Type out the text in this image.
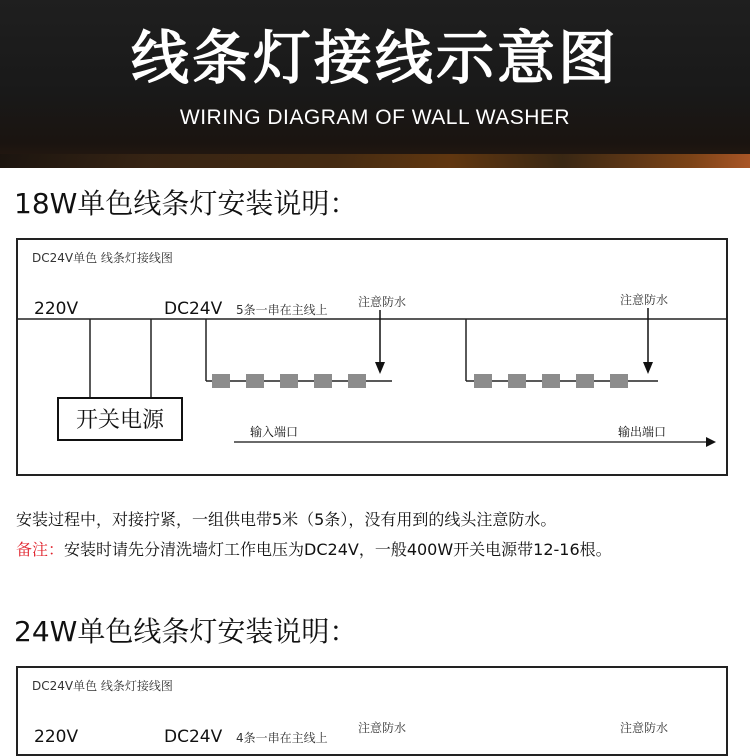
线条灯接线示意图
WIRING DIAGRAM OF WALL WASHER
18W单色线条灯安装说明：
DC24V单色 线条灯接线图
220V	DC24V 5条一串在主线上
开关电源
注意防水	注意防水
输入端口	输出端口
安装过程中，对接拧紧，一组供电带5米（5条），没有用到的线头注意防水。
备注：安装时请先分清洗墙灯工作电压为DC24V，一般400W开关电源带12-16根。
24W单色线条灯安装说明：
DC24V单色 线条灯接线图
220V	DC24V 4条一串在主线上
注意防水	注意防水
